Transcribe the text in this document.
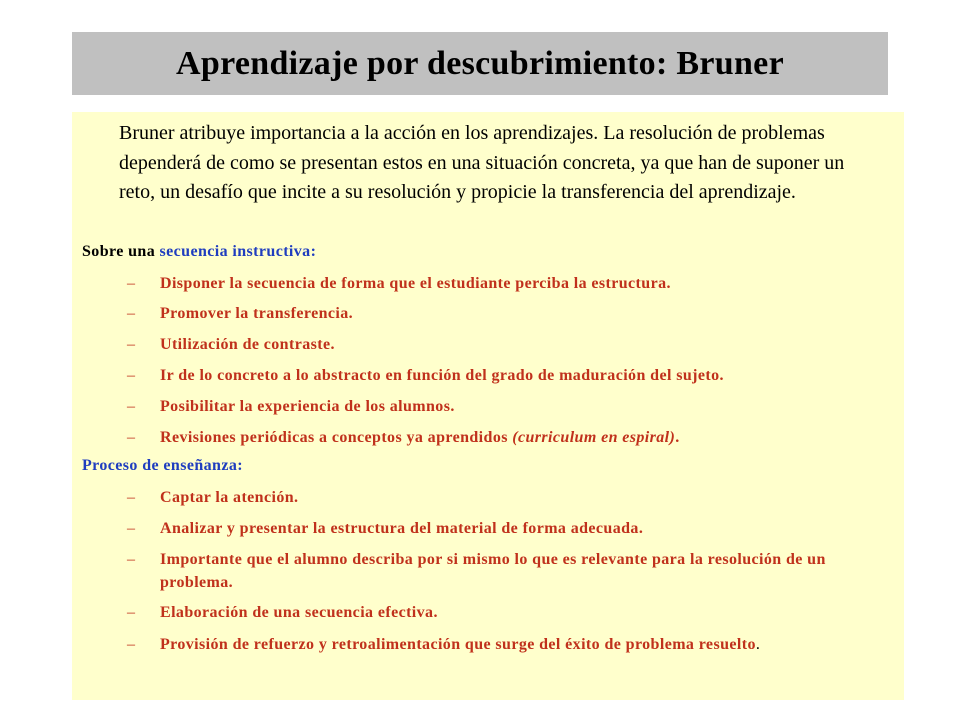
Aprendizaje por descubrimiento: Bruner
Bruner atribuye importancia a la acción en los aprendizajes. La resolución de problemas dependerá de como se presentan estos en una situación concreta, ya que han de suponer un reto, un desafío que incite a su resolución y propicie la transferencia del aprendizaje.
Sobre una secuencia instructiva:
– Disponer la secuencia de forma que el estudiante perciba la estructura.
– Promover la transferencia.
– Utilización de contraste.
– Ir de lo concreto a lo abstracto en función del grado de maduración del sujeto.
– Posibilitar la experiencia de los alumnos.
– Revisiones periódicas a conceptos ya aprendidos (curriculum en espiral).
Proceso de enseñanza:
– Captar la atención.
– Analizar y presentar la estructura del material de forma adecuada.
– Importante que el alumno describa por si mismo lo que es relevante para la resolución de un problema.
– Elaboración de una secuencia efectiva.
– Provisión de refuerzo y retroalimentación que surge del éxito de problema resuelto.
